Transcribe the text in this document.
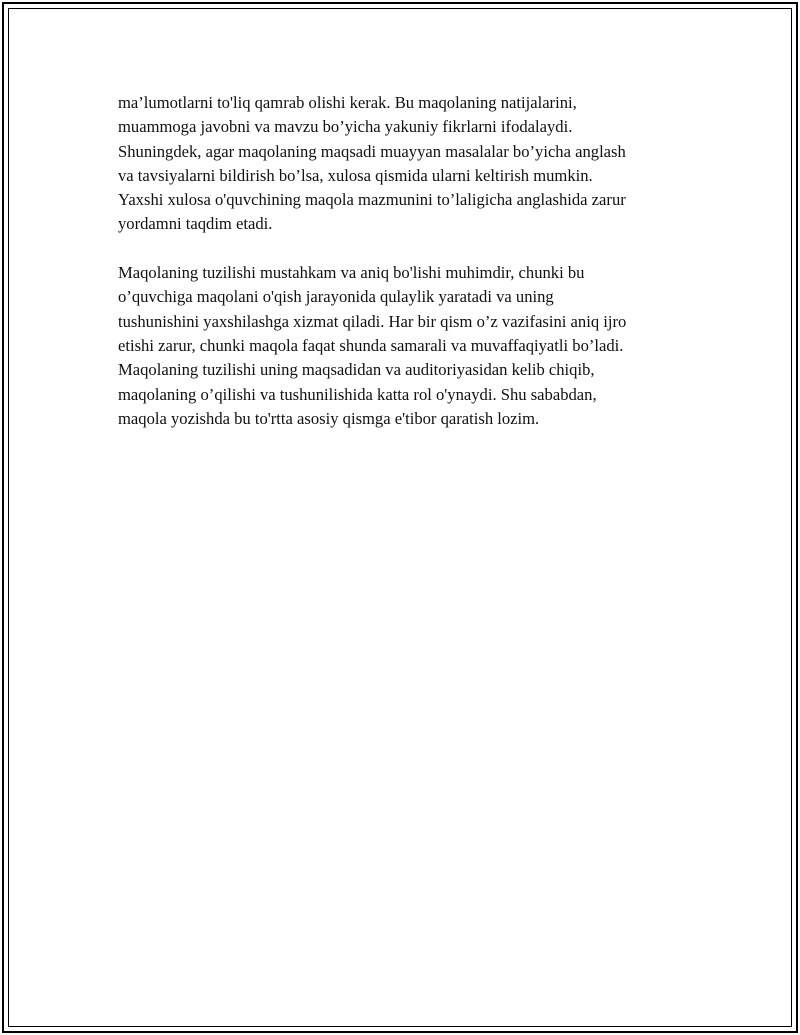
ma’lumotlarni to'liq qamrab olishi kerak. Bu maqolaning natijalarini,
muammoga javobni va mavzu bo’yicha yakuniy fikrlarni ifodalaydi.
Shuningdek, agar maqolaning maqsadi muayyan masalalar bo’yicha anglash
va tavsiyalarni bildirish bo’lsa, xulosa qismida ularni keltirish mumkin.
Yaxshi xulosa o'quvchining maqola mazmunini to’laligicha anglashida zarur
yordamni taqdim etadi.

Maqolaning tuzilishi mustahkam va aniq bo'lishi muhimdir, chunki bu
o’quvchiga maqolani o'qish jarayonida qulaylik yaratadi va uning
tushunishini yaxshilashga xizmat qiladi. Har bir qism o’z vazifasini aniq ijro
etishi zarur, chunki maqola faqat shunda samarali va muvaffaqiyatli bo’ladi.
Maqolaning tuzilishi uning maqsadidan va auditoriyasidan kelib chiqib,
maqolaning o’qilishi va tushunilishida katta rol o'ynaydi. Shu sababdan,
maqola yozishda bu to'rtta asosiy qismga e'tibor qaratish lozim.
